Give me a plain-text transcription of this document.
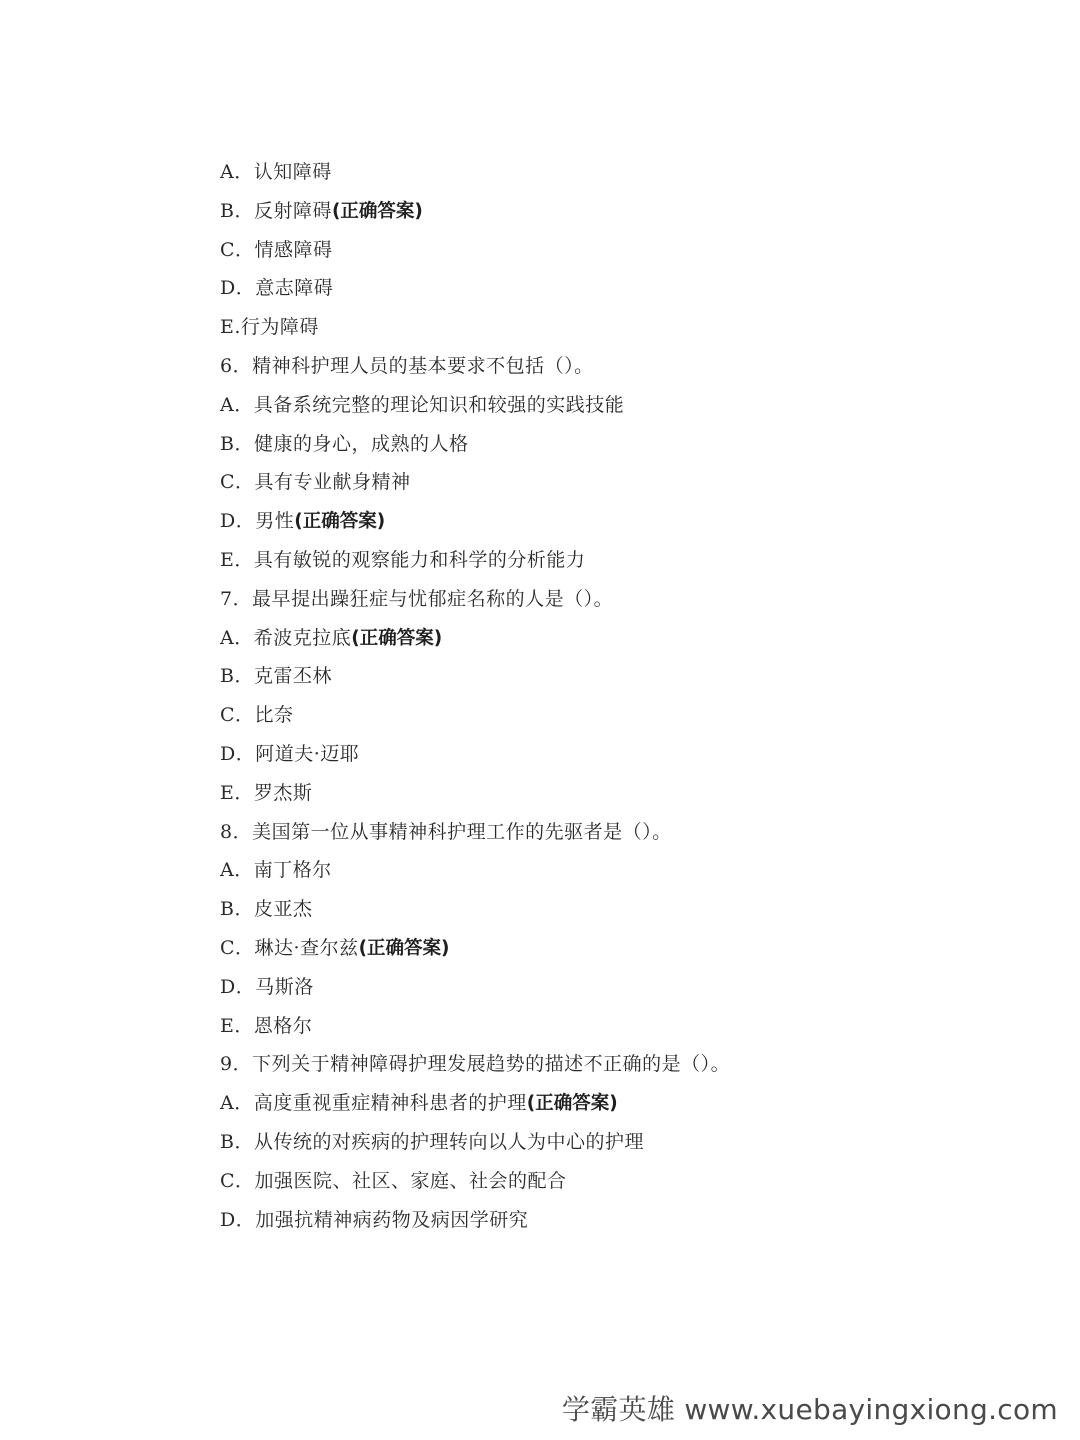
A．认知障碍
B．反射障碍(正确答案)
C．情感障碍
D．意志障碍
E.行为障碍
6．精神科护理人员的基本要求不包括（）。
A．具备系统完整的理论知识和较强的实践技能
B．健康的身心，成熟的人格
C．具有专业献身精神
D．男性(正确答案)
E．具有敏锐的观察能力和科学的分析能力
7．最早提出躁狂症与忧郁症名称的人是（）。
A．希波克拉底(正确答案)
B．克雷丕林
C．比奈
D．阿道夫·迈耶
E．罗杰斯
8．美国第一位从事精神科护理工作的先驱者是（）。
A．南丁格尔
B．皮亚杰
C．琳达·查尔兹(正确答案)
D．马斯洛
E．恩格尔
9．下列关于精神障碍护理发展趋势的描述不正确的是（）。
A．高度重视重症精神科患者的护理(正确答案)
B．从传统的对疾病的护理转向以人为中心的护理
C．加强医院、社区、家庭、社会的配合
D．加强抗精神病药物及病因学研究
学霸英雄 www.xuebayingxiong.com
